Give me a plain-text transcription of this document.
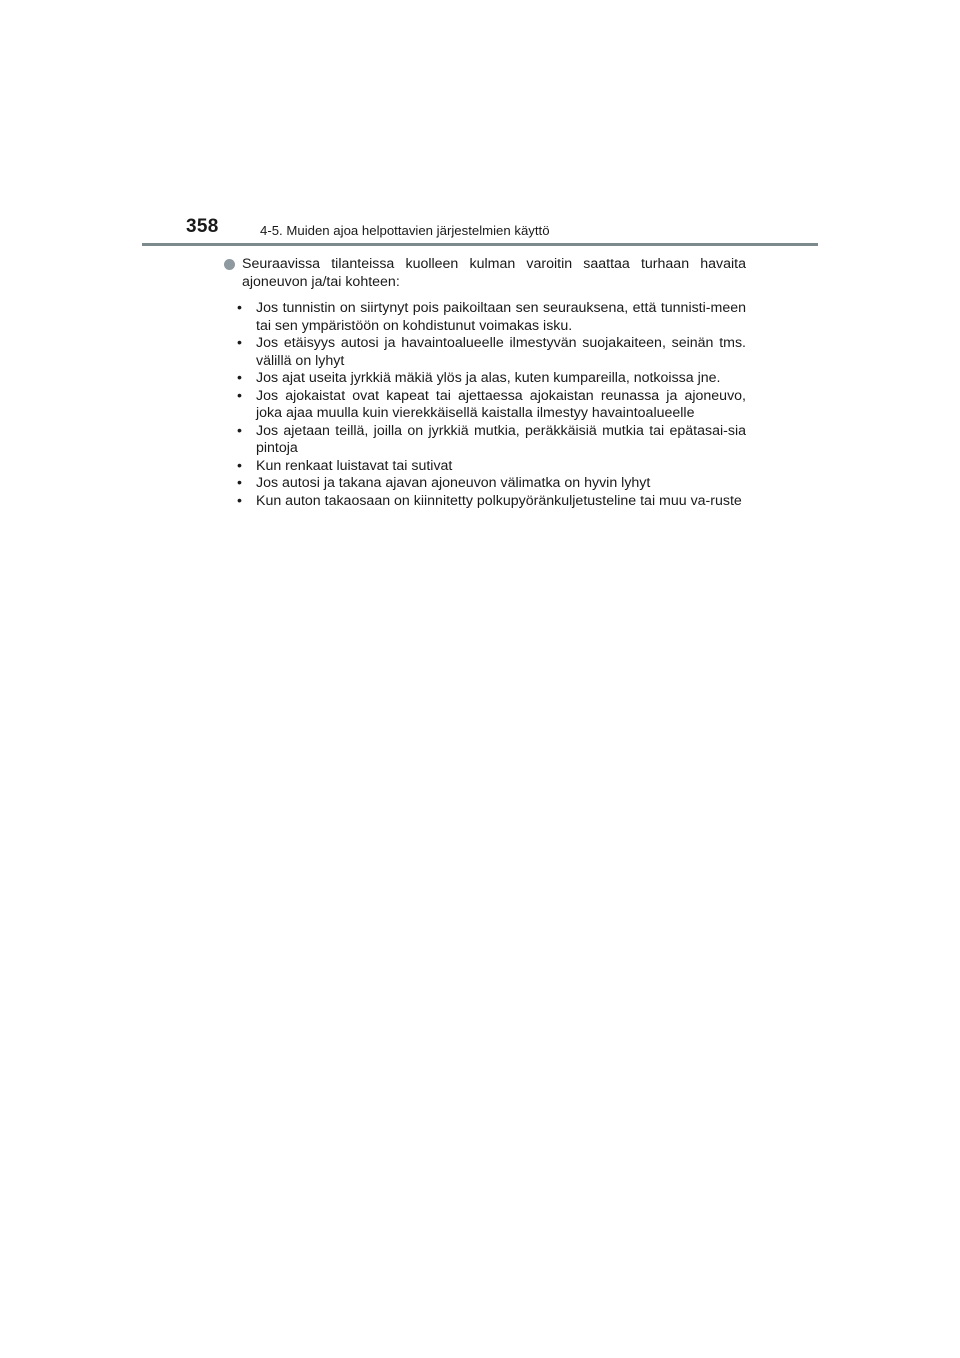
358	4-5. Muiden ajoa helpottavien järjestelmien käyttö

Seuraavissa tilanteissa kuolleen kulman varoitin saattaa turhaan havaita ajoneuvon ja/tai kohteen:

• Jos tunnistin on siirtynyt pois paikoiltaan sen seurauksena, että tunnisti-meen tai sen ympäristöön on kohdistunut voimakas isku.
• Jos etäisyys autosi ja havaintoalueelle ilmestyvän suojakaiteen, seinän tms. välillä on lyhyt
• Jos ajat useita jyrkkiä mäkiä ylös ja alas, kuten kumpareilla, notkoissa jne.
• Jos ajokaistat ovat kapeat tai ajettaessa ajokaistan reunassa ja ajoneuvo, joka ajaa muulla kuin vierekkäisellä kaistalla ilmestyy havaintoalueelle
• Jos ajetaan teillä, joilla on jyrkkiä mutkia, peräkkäisiä mutkia tai epätasai-sia pintoja
• Kun renkaat luistavat tai sutivat
• Jos autosi ja takana ajavan ajoneuvon välimatka on hyvin lyhyt
• Kun auton takaosaan on kiinnitetty polkupyöränkuljetusteline tai muu va-ruste
